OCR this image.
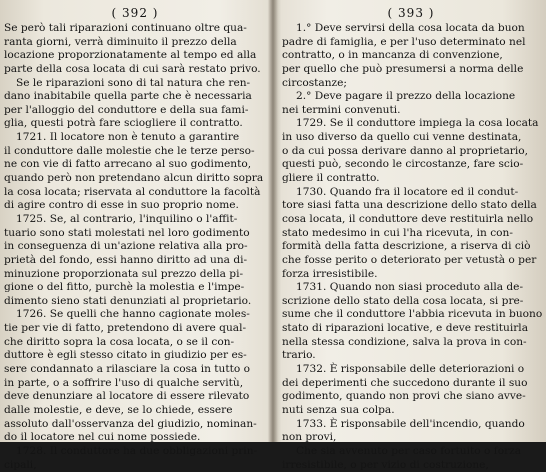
( 392 )
Se però tali riparazioni continuano oltre qua-
ranta giorni, verrà diminuito il prezzo della
locazione proporzionatamente al tempo ed alla
parte della cosa locata di cui sarà restato privo.
Se le riparazioni sono di tal natura che ren-
dano inabitabile quella parte che è necessaria
per l'alloggio del conduttore e della sua fami-
glia, questi potrà fare sciogliere il contratto.
1721. Il locatore non è tenuto a garantire
il conduttore dalle molestie che le terze perso-
ne con vie di fatto arrecano al suo godimento,
quando però non pretendano alcun diritto sopra
la cosa locata; riservata al conduttore la facoltà
di agire contro di esse in suo proprio nome.
1725. Se, al contrario, l'inquilino o l'affit-
tuario sono stati molestati nel loro godimento
in conseguenza di un'azione relativa alla pro-
prietà del fondo, essi hanno diritto ad una di-
minuzione proporzionata sul prezzo della pi-
gione o del fitto, purchè la molestia e l'impe-
dimento sieno stati denunziati al proprietario.
1726. Se quelli che hanno cagionate moles-
tie per vie di fatto, pretendono di avere qual-
che diritto sopra la cosa locata, o se il con-
duttore è egli stesso citato in giudizio per es-
sere condannato a rilasciare la cosa in tutto o
in parte, o a soffrire l'uso di qualche servitù,
deve denunziare al locatore di essere rilevato
dalle molestie, e deve, se lo chiede, essere
assoluto dall'osservanza del giudizio, nominan-
do il locatore nel cui nome possiede.
1728. Il conduttore ha due obbligazioni prin-
cipali,
( 393 )
1.° Deve servirsi della cosa locata da buon
padre di famiglia, e per l'uso determinato nel
contratto, o in mancanza di convenzione,
per quello che può presumersi a norma delle
circostanze;
2.° Deve pagare il prezzo della locazione
nei termini convenuti.
1729. Se il conduttore impiega la cosa locata
in uso diverso da quello cui venne destinata,
o da cui possa derivare danno al proprietario,
questi può, secondo le circostanze, fare scio-
gliere il contratto.
1730. Quando fra il locatore ed il condut-
tore siasi fatta una descrizione dello stato della
cosa locata, il conduttore deve restituirla nello
stato medesimo in cui l'ha ricevuta, in con-
formità della fatta descrizione, a riserva di ciò
che fosse perito o deteriorato per vetustà o per
forza irresistibile.
1731. Quando non siasi proceduto alla de-
scrizione dello stato della cosa locata, si pre-
sume che il conduttore l'abbia ricevuta in buono
stato di riparazioni locative, e deve restituirla
nella stessa condizione, salva la prova in con-
trario.
1732. È risponsabile delle deteriorazioni o
dei deperimenti che succedono durante il suo
godimento, quando non provi che siano avve-
nuti senza sua colpa.
1733. È risponsabile dell'incendio, quando
non provi,
Che sia avvenuto per caso fortuito o forza
irresistibile, o per vizio di costruzione,
